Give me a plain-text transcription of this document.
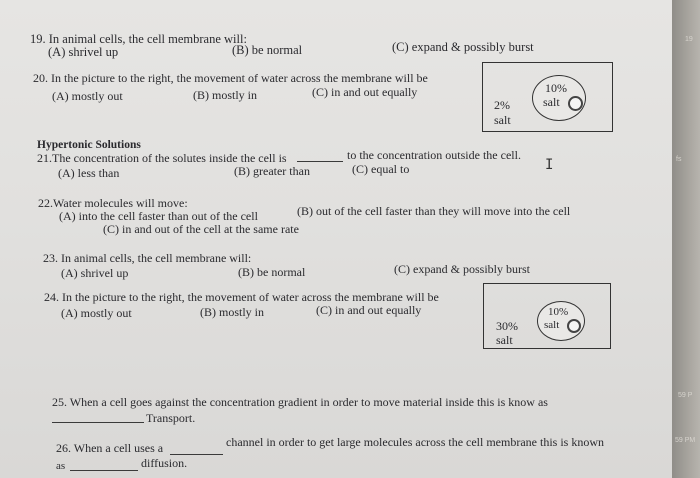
19. In animal cells, the cell membrane will:
(A) shrivel up	(B) be normal	(C) expand & possibly burst
20. In the picture to the right, the movement of water across the membrane will be
(A) mostly out	(B) mostly in	(C) in and out equally
2%
salt
10%
salt
Hypertonic Solutions
21.The concentration of the solutes inside the cell is	to the concentration outside the cell.
(A) less than	(B) greater than	(C) equal to	I
22.Water molecules will move:
(A) into the cell faster than out of the cell	(B) out of the cell faster than they will move into the cell
(C) in and out of the cell at the same rate
23. In animal cells, the cell membrane will:
(A) shrivel up	(B) be normal	(C) expand & possibly burst
24. In the picture to the right, the movement of water across the membrane will be
(A) mostly out	(B) mostly in	(C) in and out equally
30%
salt
10%
salt
25. When a cell goes against the concentration gradient in order to move material inside this is know as
Transport.
26. When a cell uses a	channel in order to get large molecules across the cell membrane this is known
as	diffusion.
19
fs
59 P
59 PM
